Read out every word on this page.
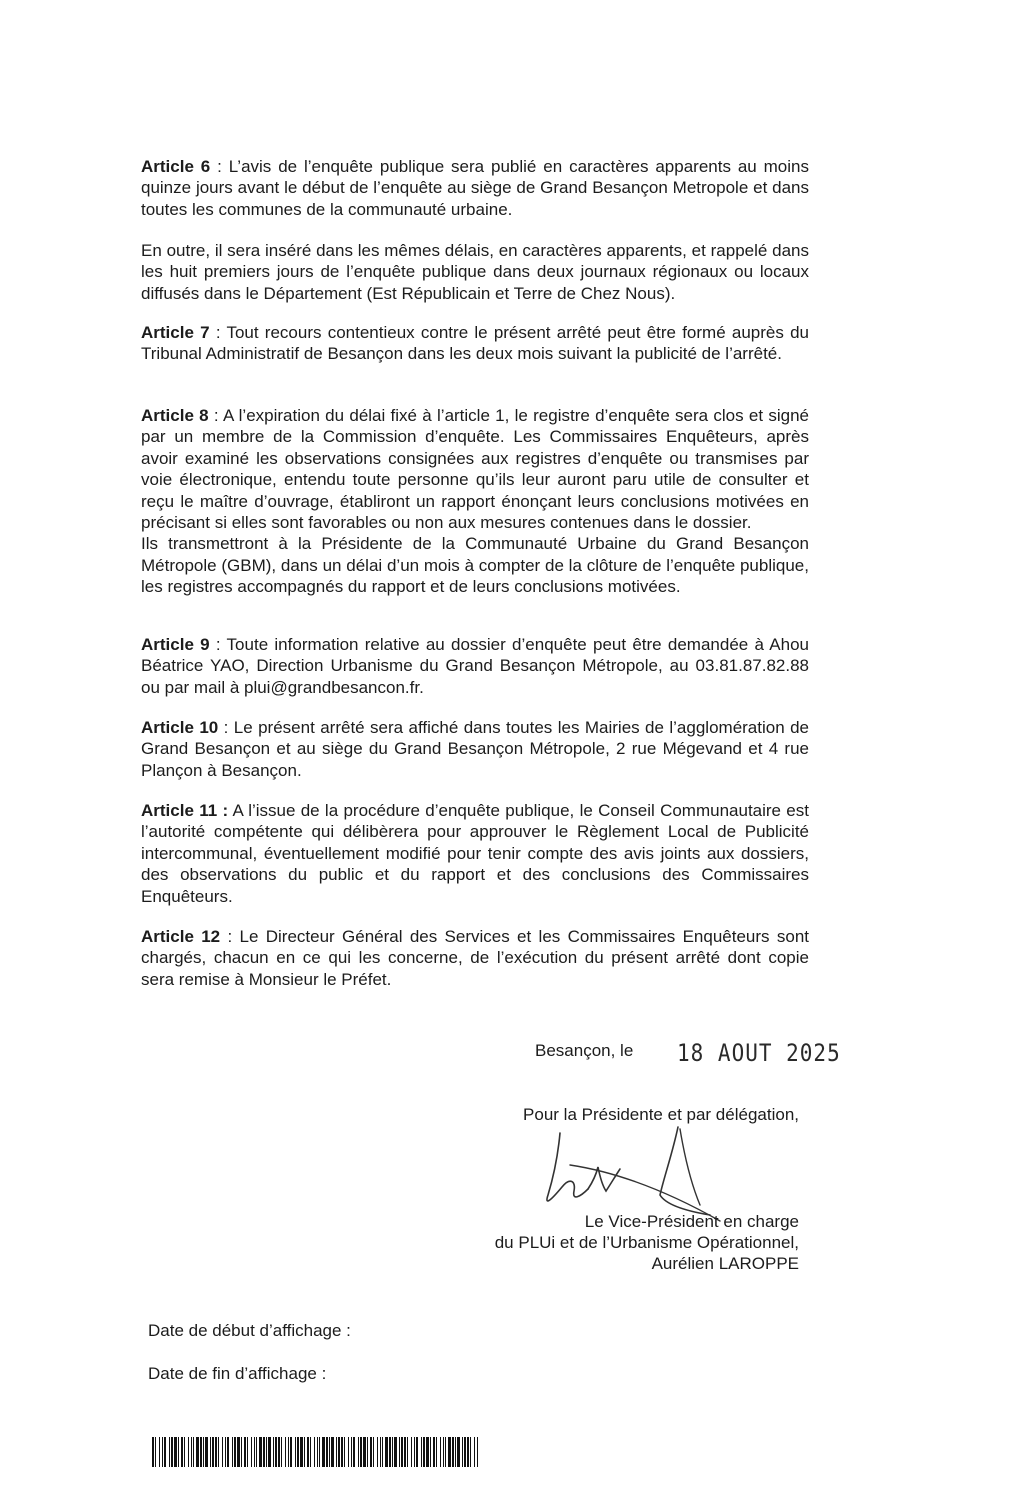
Article 6 : L’avis de l’enquête publique sera publié en caractères apparents au moins quinze jours avant le début de l’enquête au siège de Grand Besançon Metropole et dans toutes les communes de la communauté urbaine.

En outre, il sera inséré dans les mêmes délais, en caractères apparents, et rappelé dans les huit premiers jours de l’enquête publique dans deux journaux régionaux ou locaux diffusés dans le Département (Est Républicain et Terre de Chez Nous).

Article 7 : Tout recours contentieux contre le présent arrêté peut être formé auprès du Tribunal Administratif de Besançon dans les deux mois suivant la publicité de l’arrêté.

Article 8 : A l’expiration du délai fixé à l’article 1, le registre d’enquête sera clos et signé par un membre de la Commission d’enquête. Les Commissaires Enquêteurs, après avoir examiné les observations consignées aux registres d’enquête ou transmises par voie électronique, entendu toute personne qu’ils leur auront paru utile de consulter et reçu le maître d’ouvrage, établiront un rapport énonçant leurs conclusions motivées en précisant si elles sont favorables ou non aux mesures contenues dans le dossier.
Ils transmettront à la Présidente de la Communauté Urbaine du Grand Besançon Métropole (GBM), dans un délai d’un mois à compter de la clôture de l’enquête publique, les registres accompagnés du rapport et de leurs conclusions motivées.

Article 9 : Toute information relative au dossier d’enquête peut être demandée à Ahou Béatrice YAO, Direction Urbanisme du Grand Besançon Métropole, au 03.81.87.82.88 ou par mail à plui@grandbesancon.fr.

Article 10 : Le présent arrêté sera affiché dans toutes les Mairies de l’agglomération de Grand Besançon et au siège du Grand Besançon Métropole, 2 rue Mégevand et 4 rue Plançon à Besançon.

Article 11 : A l’issue de la procédure d’enquête publique, le Conseil Communautaire est l’autorité compétente qui délibèrera pour approuver le Règlement Local de Publicité intercommunal, éventuellement modifié pour tenir compte des avis joints aux dossiers, des observations du public et du rapport et des conclusions des Commissaires Enquêteurs.

Article 12 : Le Directeur Général des Services et les Commissaires Enquêteurs sont chargés, chacun en ce qui les concerne, de l’exécution du présent arrêté dont copie sera remise à Monsieur le Préfet.

Besançon, le 18 AOUT 2025
Pour la Présidente et par délégation,
Le Vice-Président en charge
du PLUi et de l’Urbanisme Opérationnel,
Aurélien LAROPPE
Date de début d’affichage :
Date de fin d’affichage :
